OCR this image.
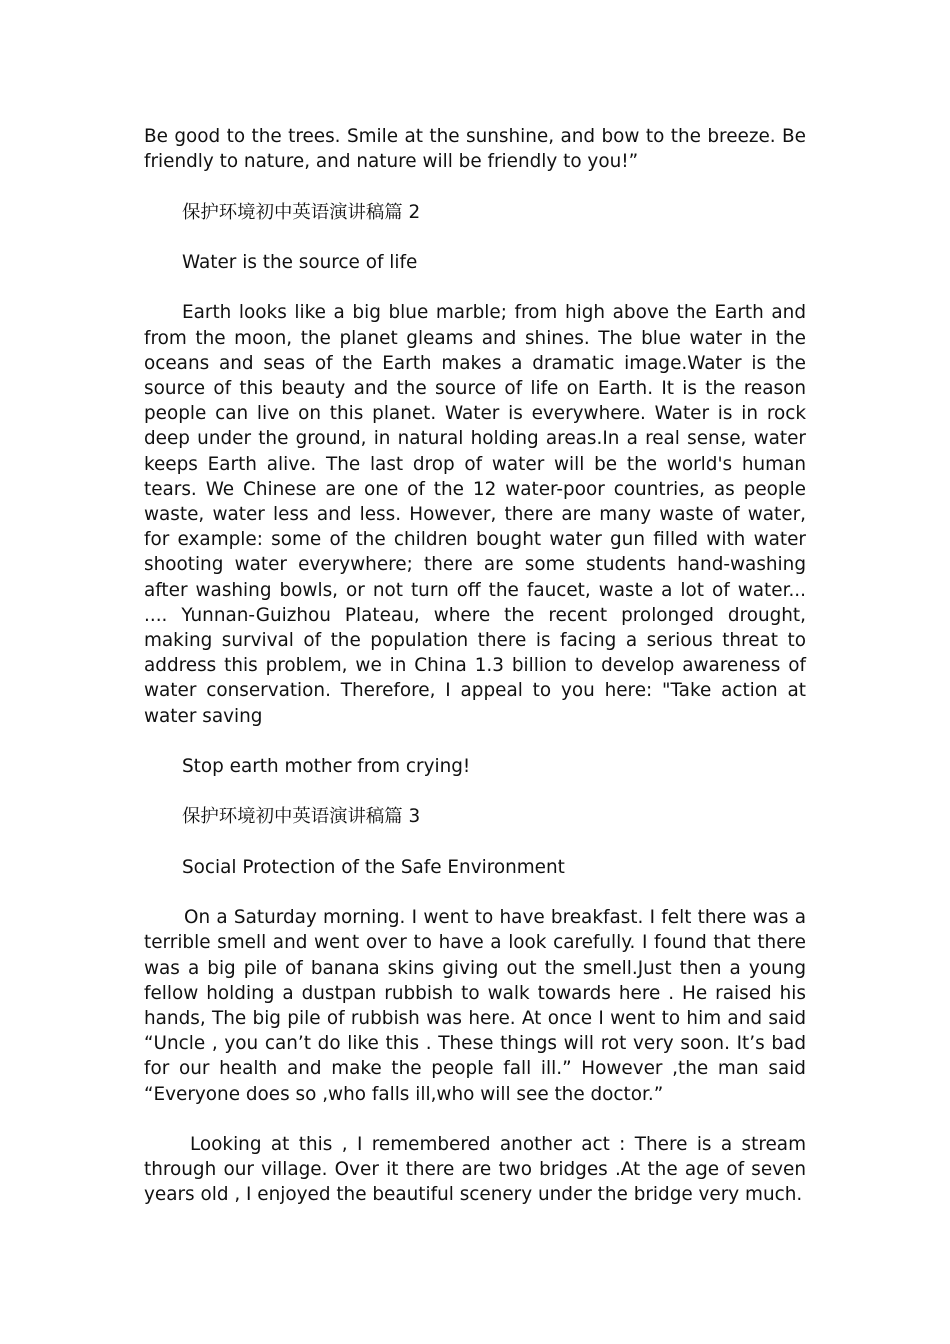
Be good to the trees. Smile at the sunshine, and bow to the breeze. Be friendly to nature, and nature will be friendly to you!”

保护环境初中英语演讲稿篇 2

Water is the source of life

Earth looks like a big blue marble; from high above the Earth and from the moon, the planet gleams and shines. The blue water in the oceans and seas of the Earth makes a dramatic image.Water is the source of this beauty and the source of life on Earth. It is the reason people can live on this planet. Water is everywhere. Water is in rock deep under the ground, in natural holding areas.In a real sense, water keeps Earth alive. The last drop of water will be the world's human tears. We Chinese are one of the 12 water-poor countries, as people waste, water less and less. However, there are many waste of water, for example: some of the children bought water gun filled with water shooting water everywhere; there are some students hand-washing after washing bowls, or not turn off the faucet, waste a lot of water... .... Yunnan-Guizhou Plateau, where the recent prolonged drought, making survival of the population there is facing a serious threat to address this problem, we in China 1.3 billion to develop awareness of water conservation. Therefore, I appeal to you here: "Take action at water saving

Stop earth mother from crying!

保护环境初中英语演讲稿篇 3

Social Protection of the Safe Environment

On a Saturday morning. I went to have breakfast. I felt there was a terrible smell and went over to have a look carefully. I found that there was a big pile of banana skins giving out the smell.Just then a young fellow holding a dustpan rubbish to walk towards here . He raised his hands, The big pile of rubbish was here. At once I went to him and said “Uncle , you can’t do like this . These things will rot very soon. It’s bad for our health and make the people fall ill.” However ,the man said “Everyone does so ,who falls ill,who will see the doctor.”

Looking at this , I remembered another act : There is a stream through our village. Over it there are two bridges .At the age of seven years old , I enjoyed the beautiful scenery under the bridge very much.
